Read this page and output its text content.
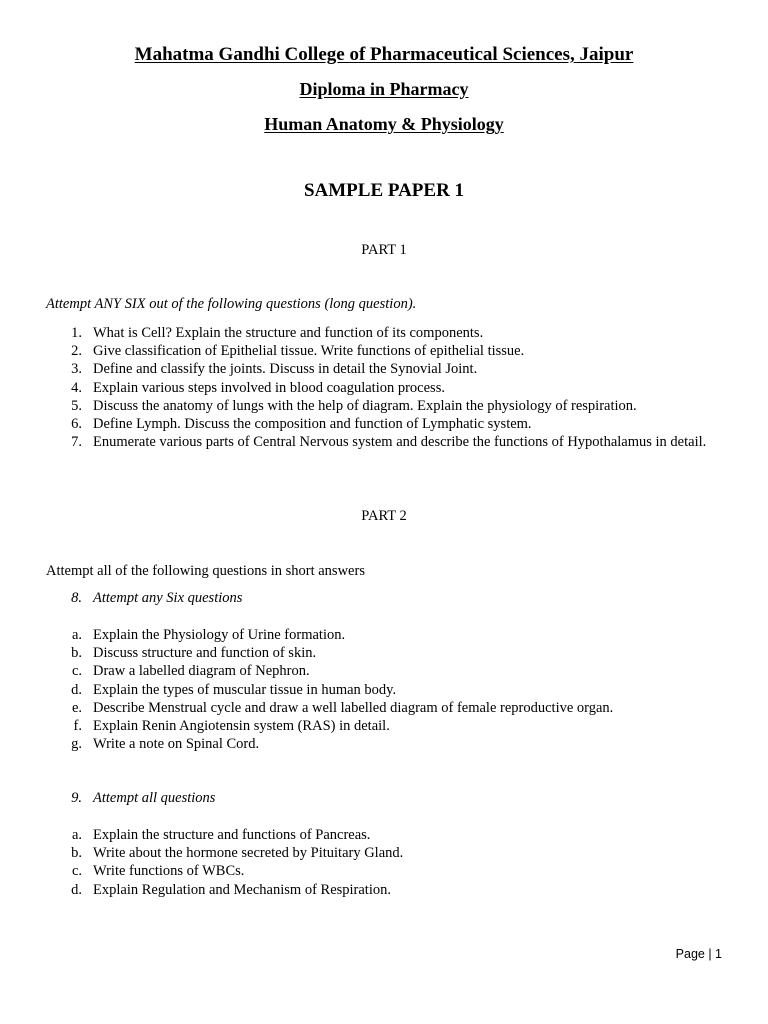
Mahatma Gandhi College of Pharmaceutical Sciences, Jaipur
Diploma in Pharmacy
Human Anatomy & Physiology
SAMPLE PAPER 1
PART 1
Attempt ANY SIX out of the following questions (long question).
1. What is Cell? Explain the structure and function of its components.
2. Give classification of Epithelial tissue. Write functions of epithelial tissue.
3. Define and classify the joints. Discuss in detail the Synovial Joint.
4. Explain various steps involved in blood coagulation process.
5. Discuss the anatomy of lungs with the help of diagram. Explain the physiology of respiration.
6. Define Lymph. Discuss the composition and function of Lymphatic system.
7. Enumerate various parts of Central Nervous system and describe the functions of Hypothalamus in detail.
PART 2
Attempt all of the following questions in short answers
8. Attempt any Six questions
a. Explain the Physiology of Urine formation.
b. Discuss structure and function of skin.
c. Draw a labelled diagram of Nephron.
d. Explain the types of muscular tissue in human body.
e. Describe Menstrual cycle and draw a well labelled diagram of female reproductive organ.
f. Explain Renin Angiotensin system (RAS) in detail.
g. Write a note on Spinal Cord.
9. Attempt all questions
a. Explain the structure and functions of Pancreas.
b. Write about the hormone secreted by Pituitary Gland.
c. Write functions of WBCs.
d. Explain Regulation and Mechanism of Respiration.
Page | 1
